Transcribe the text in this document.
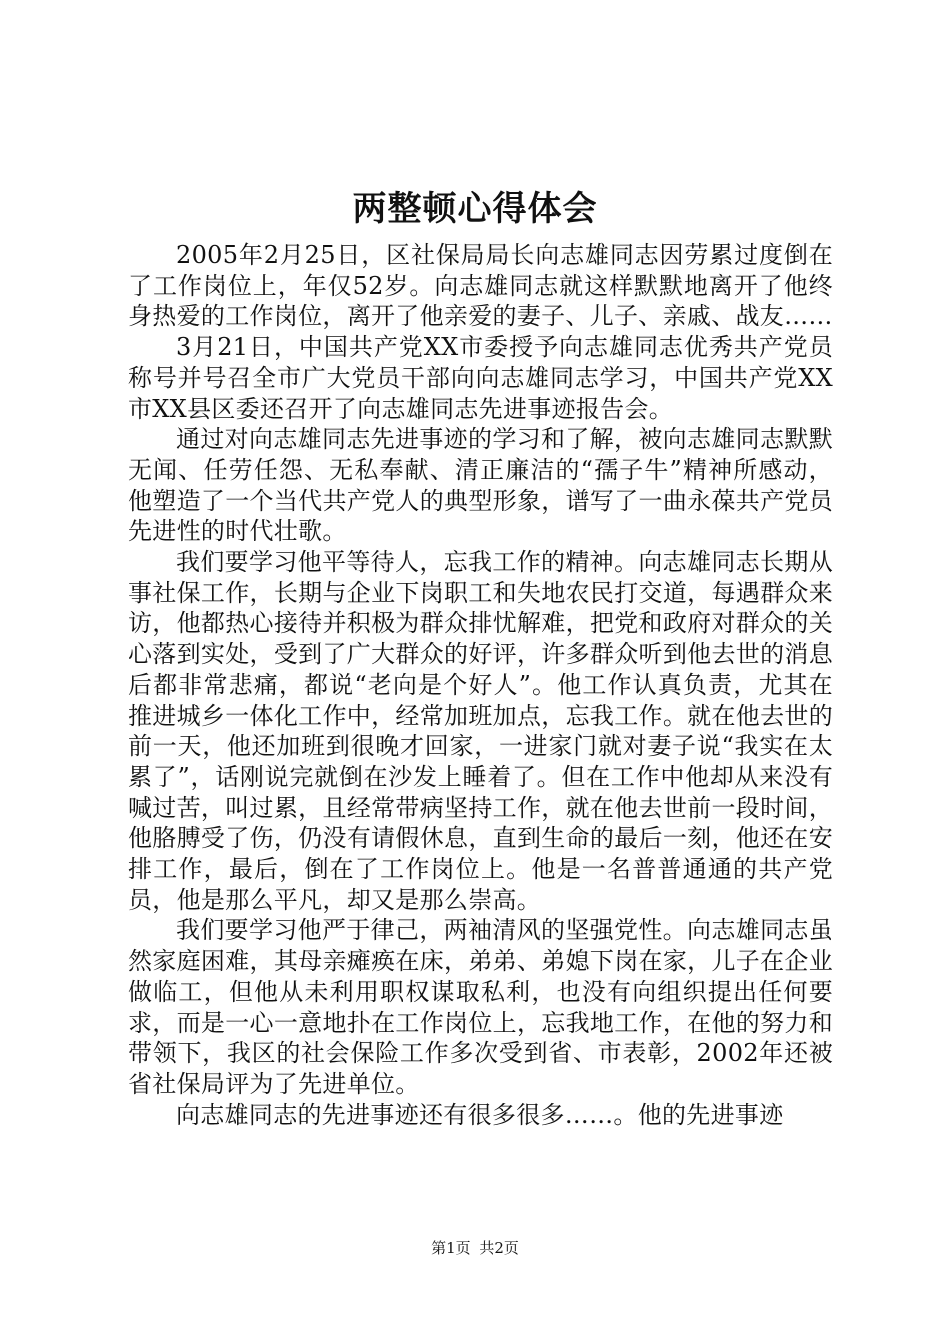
两整顿心得体会

2005年2月25日，区社保局局长向志雄同志因劳累过度倒在了工作岗位上，年仅52岁。向志雄同志就这样默默地离开了他终身热爱的工作岗位，离开了他亲爱的妻子、儿子、亲戚、战友……

3月21日，中国共产党XX市委授予向志雄同志优秀共产党员称号并号召全市广大党员干部向向志雄同志学习，中国共产党XX市XX县区委还召开了向志雄同志先进事迹报告会。

通过对向志雄同志先进事迹的学习和了解，被向志雄同志默默无闻、任劳任怨、无私奉献、清正廉洁的“孺子牛”精神所感动，他塑造了一个当代共产党人的典型形象，谱写了一曲永葆共产党员先进性的时代壮歌。

我们要学习他平等待人，忘我工作的精神。向志雄同志长期从事社保工作，长期与企业下岗职工和失地农民打交道，每遇群众来访，他都热心接待并积极为群众排忧解难，把党和政府对群众的关心落到实处，受到了广大群众的好评，许多群众听到他去世的消息后都非常悲痛，都说“老向是个好人”。他工作认真负责，尤其在推进城乡一体化工作中，经常加班加点，忘我工作。就在他去世的前一天，他还加班到很晚才回家，一进家门就对妻子说“我实在太累了”，话刚说完就倒在沙发上睡着了。但在工作中他却从来没有喊过苦，叫过累，且经常带病坚持工作，就在他去世前一段时间，他胳膊受了伤，仍没有请假休息，直到生命的最后一刻，他还在安排工作，最后，倒在了工作岗位上。他是一名普普通通的共产党员，他是那么平凡，却又是那么崇高。

我们要学习他严于律己，两袖清风的坚强党性。向志雄同志虽然家庭困难，其母亲瘫痪在床，弟弟、弟媳下岗在家，儿子在企业做临工，但他从未利用职权谋取私利，也没有向组织提出任何要求，而是一心一意地扑在工作岗位上，忘我地工作，在他的努力和带领下，我区的社会保险工作多次受到省、市表彰，2002年还被省社保局评为了先进单位。

向志雄同志的先进事迹还有很多很多……。他的先进事迹

第1页 共2页
